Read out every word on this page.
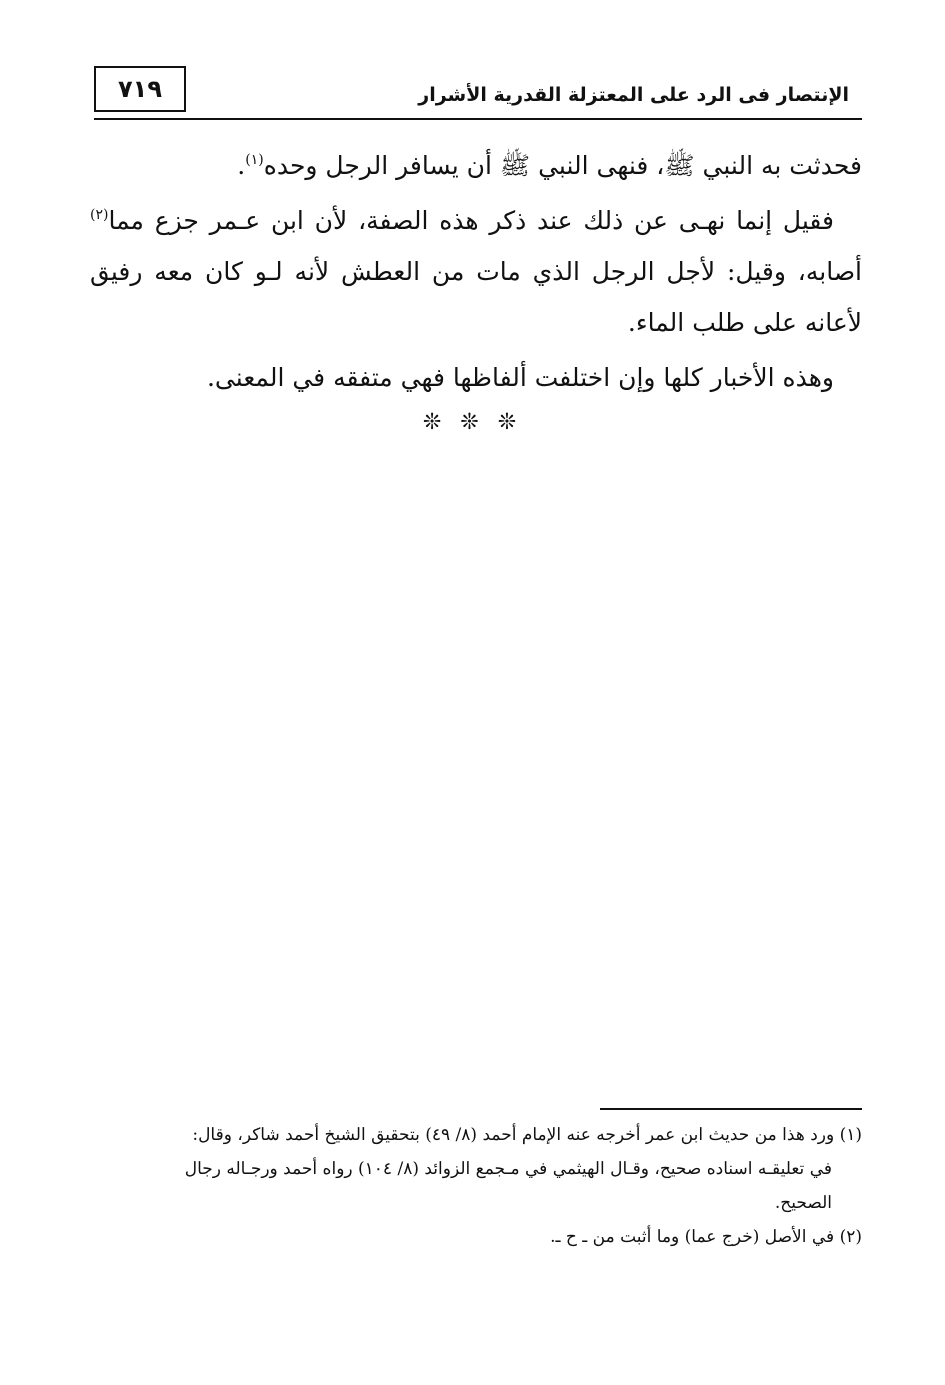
٧١٩	الإنتصار فى الرد على المعتزلة القدرية الأشرار

فحدثت به النبي ﷺ، فنهى النبي ﷺ أن يسافر الرجل وحده$^{(١)}$.

فقيل إنما نهـى عن ذلك عند ذكر هذه الصفة، لأن ابن عـمر جزع مما$^{(٢)}$ أصابه، وقيل: لأجل الرجل الذي مات من العطش لأنه لـو كان معه رفيق لأعانه على طلب الماء.

وهذه الأخبار كلها وإن اختلفت ألفاظها فهي متفقه في المعنى.

❊ ❊ ❊

(١) ورد هذا من حديث ابن عمر أخرجه عنه الإمام أحمد (٨/ ٤٩) بتحقيق الشيخ أحمد شاكر، وقال:

في تعليقـه اسناده صحيح، وقـال الهيثمي في مـجمع الزوائد (٨/ ١٠٤) رواه أحمد ورجـاله رجال

الصحيح.

(٢) في الأصل (خرج عما) وما أثبت من ـ ح ـ.
